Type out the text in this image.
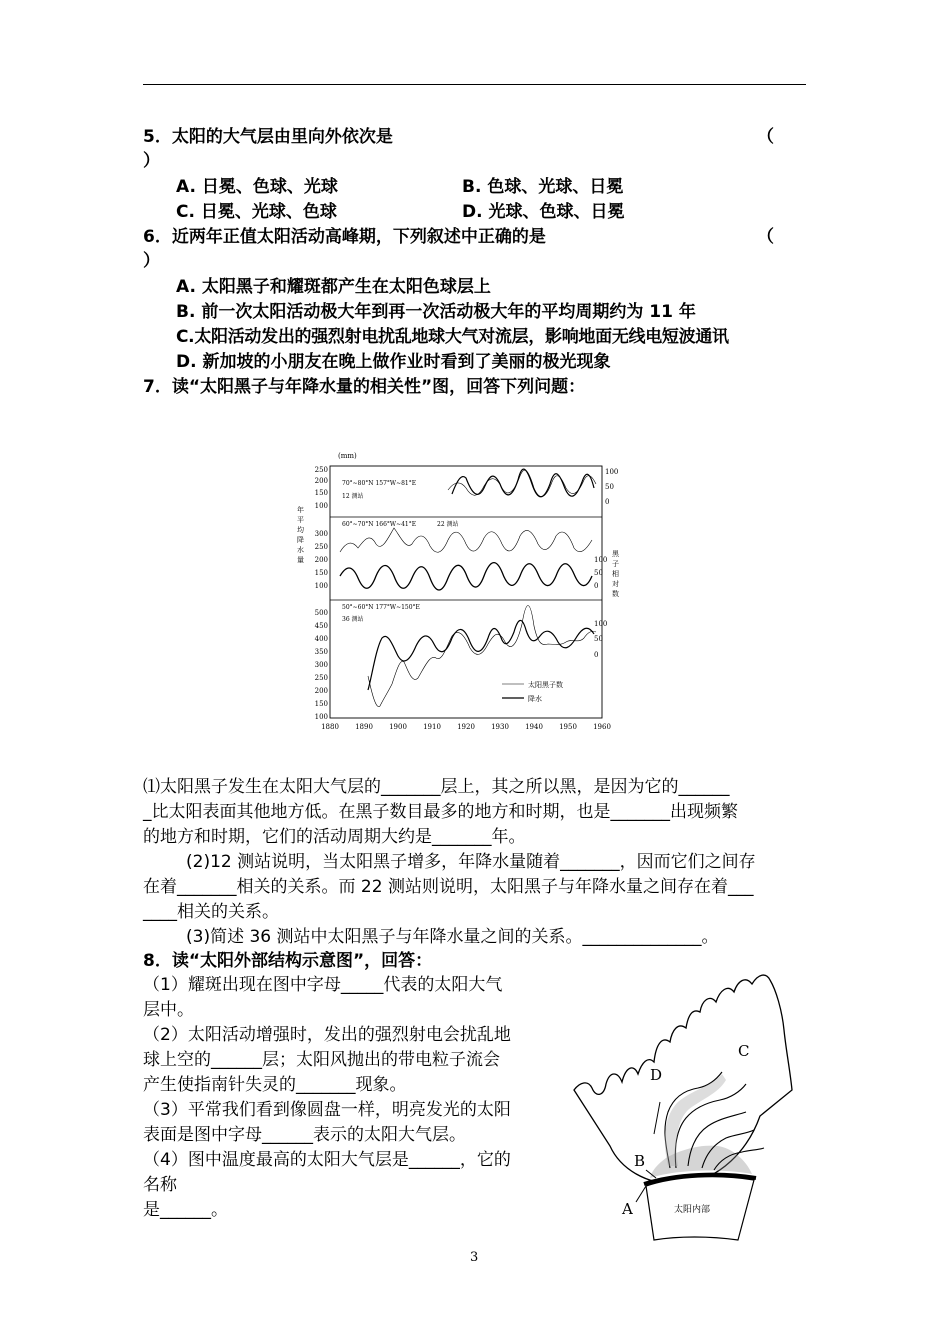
5．太阳的大气层由里向外依次是	（
）
A. 日冕、色球、光球	B. 色球、光球、日冕
C. 日冕、光球、色球	D. 光球、色球、日冕
6．近两年正值太阳活动高峰期，下列叙述中正确的是	（
）
A. 太阳黑子和耀斑都产生在太阳色球层上
B. 前一次太阳活动极大年到再一次活动极大年的平均周期约为 11 年
C.太阳活动发出的强烈射电扰乱地球大气对流层，影响地面无线电短波通讯
D. 新加坡的小朋友在晚上做作业时看到了美丽的极光现象
7．读“太阳黑子与年降水量的相关性”图，回答下列问题：
(mm)
年
平
均
降
水
量
黑
子
相
对
数
250
200
150
100
100
50
0
70°~80°N 157°W~81°E
12 测站
300
250
200
150
100
100
50
0
60°~70°N 166°W~41°E	22 测站
500
450
400
350
300
250
200
150
100
100
50
0
50°~60°N 177°W~150°E
36 测站
1880 1890 1900 1910 1920 1930 1940 1950 1960
太阳黑子数
降水
⑴太阳黑子发生在太阳大气层的_______层上，其之所以黑，是因为它的______
_比太阳表面其他地方低。在黑子数目最多的地方和时期，也是_______出现频繁
的地方和时期，它们的活动周期大约是_______年。
(2)12 测站说明，当太阳黑子增多，年降水量随着_______，因而它们之间存
在着_______相关的关系。而 22 测站则说明，太阳黑子与年降水量之间存在着___
____相关的关系。
(3)简述 36 测站中太阳黑子与年降水量之间的关系。______________。
8．读“太阳外部结构示意图”，回答：
（1）耀斑出现在图中字母_____代表的太阳大气
层中。
（2）太阳活动增强时，发出的强烈射电会扰乱地
球上空的______层；太阳风抛出的带电粒子流会
产生使指南针失灵的_______现象。
（3）平常我们看到像圆盘一样，明亮发光的太阳
表面是图中字母______表示的太阳大气层。
（4）图中温度最高的太阳大气层是______，它的
名称
是______。
D
C
B
A	太阳内部
3
